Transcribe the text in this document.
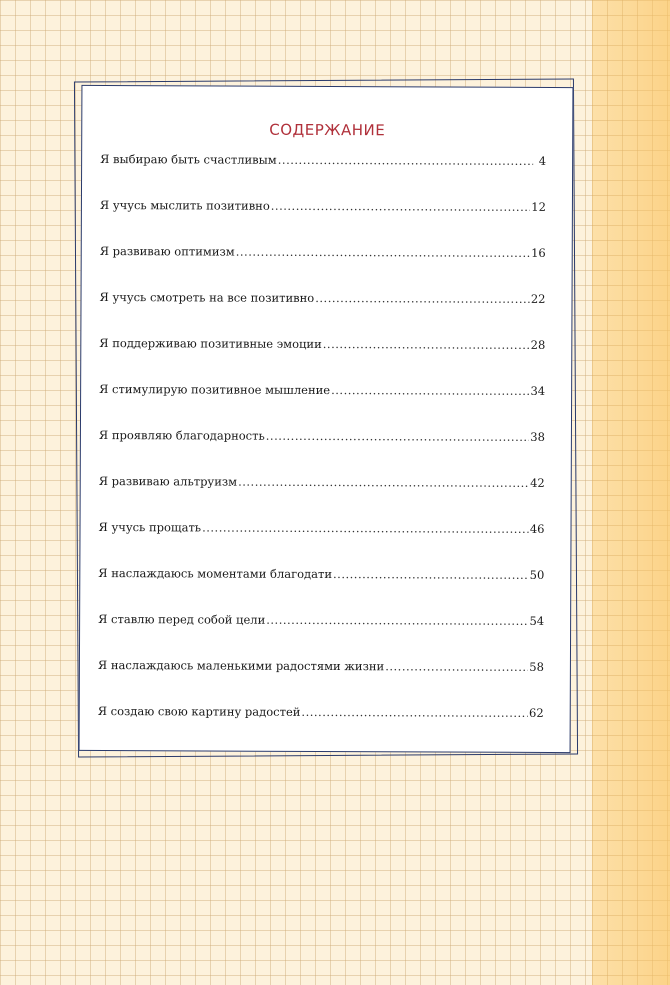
СОДЕРЖАНИЕ
Я выбираю быть счастливым .....	4
Я учусь мыслить позитивно .....	12
Я развиваю оптимизм .....	16
Я учусь смотреть на все позитивно .....	22
Я поддерживаю позитивные эмоции .....	28
Я стимулирую позитивное мышление .....	34
Я проявляю благодарность .....	38
Я развиваю альтруизм .....	42
Я учусь прощать .....	46
Я наслаждаюсь моментами благодати .....	50
Я ставлю перед собой цели .....	54
Я наслаждаюсь маленькими радостями жизни .....	58
Я создаю свою картину радостей .....	62
